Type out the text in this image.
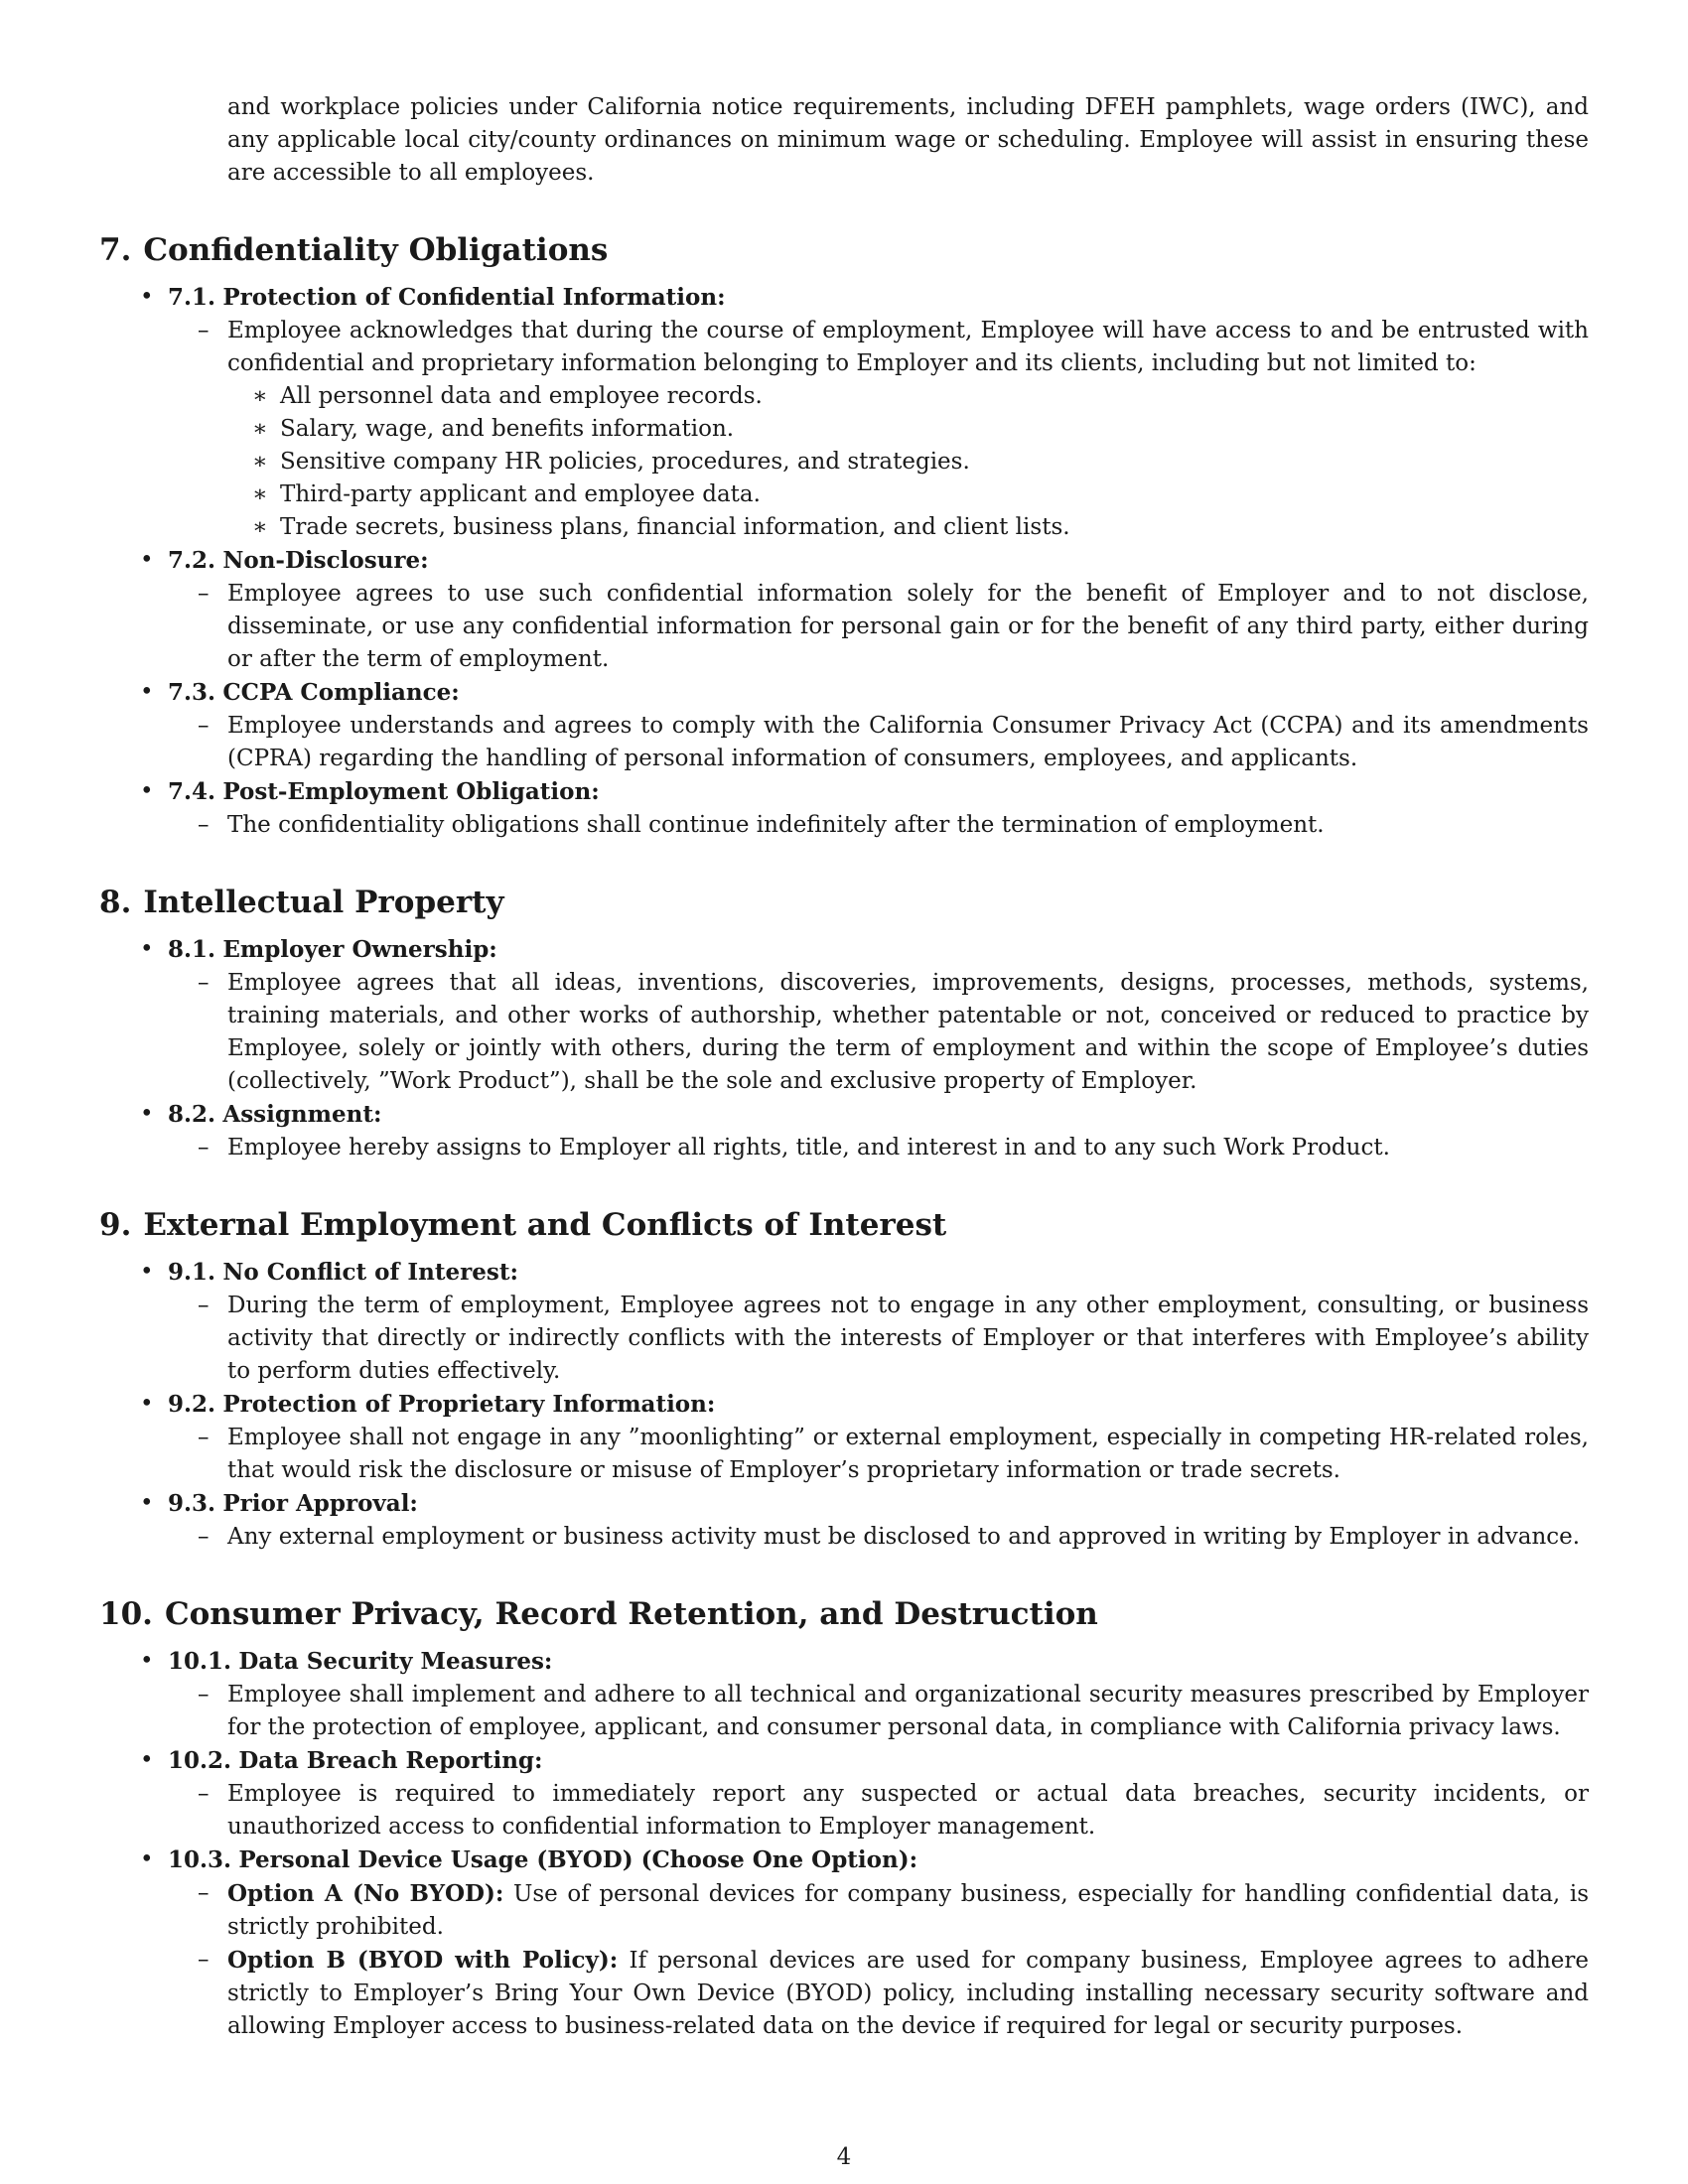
and workplace policies under California notice requirements, including DFEH pamphlets, wage orders (IWC), and any applicable local city/county ordinances on minimum wage or scheduling. Employee will assist in ensuring these are accessible to all employees.

7. Confidentiality Obligations
• 7.1. Protection of Confidential Information:
– Employee acknowledges that during the course of employment, Employee will have access to and be entrusted with confidential and proprietary information belonging to Employer and its clients, including but not limited to:
∗ All personnel data and employee records.
∗ Salary, wage, and benefits information.
∗ Sensitive company HR policies, procedures, and strategies.
∗ Third-party applicant and employee data.
∗ Trade secrets, business plans, financial information, and client lists.
• 7.2. Non-Disclosure:
– Employee agrees to use such confidential information solely for the benefit of Employer and to not disclose, disseminate, or use any confidential information for personal gain or for the benefit of any third party, either during or after the term of employment.
• 7.3. CCPA Compliance:
– Employee understands and agrees to comply with the California Consumer Privacy Act (CCPA) and its amendments (CPRA) regarding the handling of personal information of consumers, employees, and applicants.
• 7.4. Post-Employment Obligation:
– The confidentiality obligations shall continue indefinitely after the termination of employment.
8. Intellectual Property
• 8.1. Employer Ownership:
– Employee agrees that all ideas, inventions, discoveries, improvements, designs, processes, methods, systems, training materials, and other works of authorship, whether patentable or not, conceived or reduced to practice by Employee, solely or jointly with others, during the term of employment and within the scope of Employee’s duties (collectively, ”Work Product”), shall be the sole and exclusive property of Employer.
• 8.2. Assignment:
– Employee hereby assigns to Employer all rights, title, and interest in and to any such Work Product.
9. External Employment and Conflicts of Interest
• 9.1. No Conflict of Interest:
– During the term of employment, Employee agrees not to engage in any other employment, consulting, or business activity that directly or indirectly conflicts with the interests of Employer or that interferes with Employee’s ability to perform duties effectively.
• 9.2. Protection of Proprietary Information:
– Employee shall not engage in any ”moonlighting” or external employment, especially in competing HR-related roles, that would risk the disclosure or misuse of Employer’s proprietary information or trade secrets.
• 9.3. Prior Approval:
– Any external employment or business activity must be disclosed to and approved in writing by Employer in advance.
10. Consumer Privacy, Record Retention, and Destruction
• 10.1. Data Security Measures:
– Employee shall implement and adhere to all technical and organizational security measures prescribed by Employer for the protection of employee, applicant, and consumer personal data, in compliance with California privacy laws.
• 10.2. Data Breach Reporting:
– Employee is required to immediately report any suspected or actual data breaches, security incidents, or unauthorized access to confidential information to Employer management.
• 10.3. Personal Device Usage (BYOD) (Choose One Option):
– Option A (No BYOD): Use of personal devices for company business, especially for handling confidential data, is strictly prohibited.
– Option B (BYOD with Policy): If personal devices are used for company business, Employee agrees to adhere strictly to Employer’s Bring Your Own Device (BYOD) policy, including installing necessary security software and allowing Employer access to business-related data on the device if required for legal or security purposes.
4
